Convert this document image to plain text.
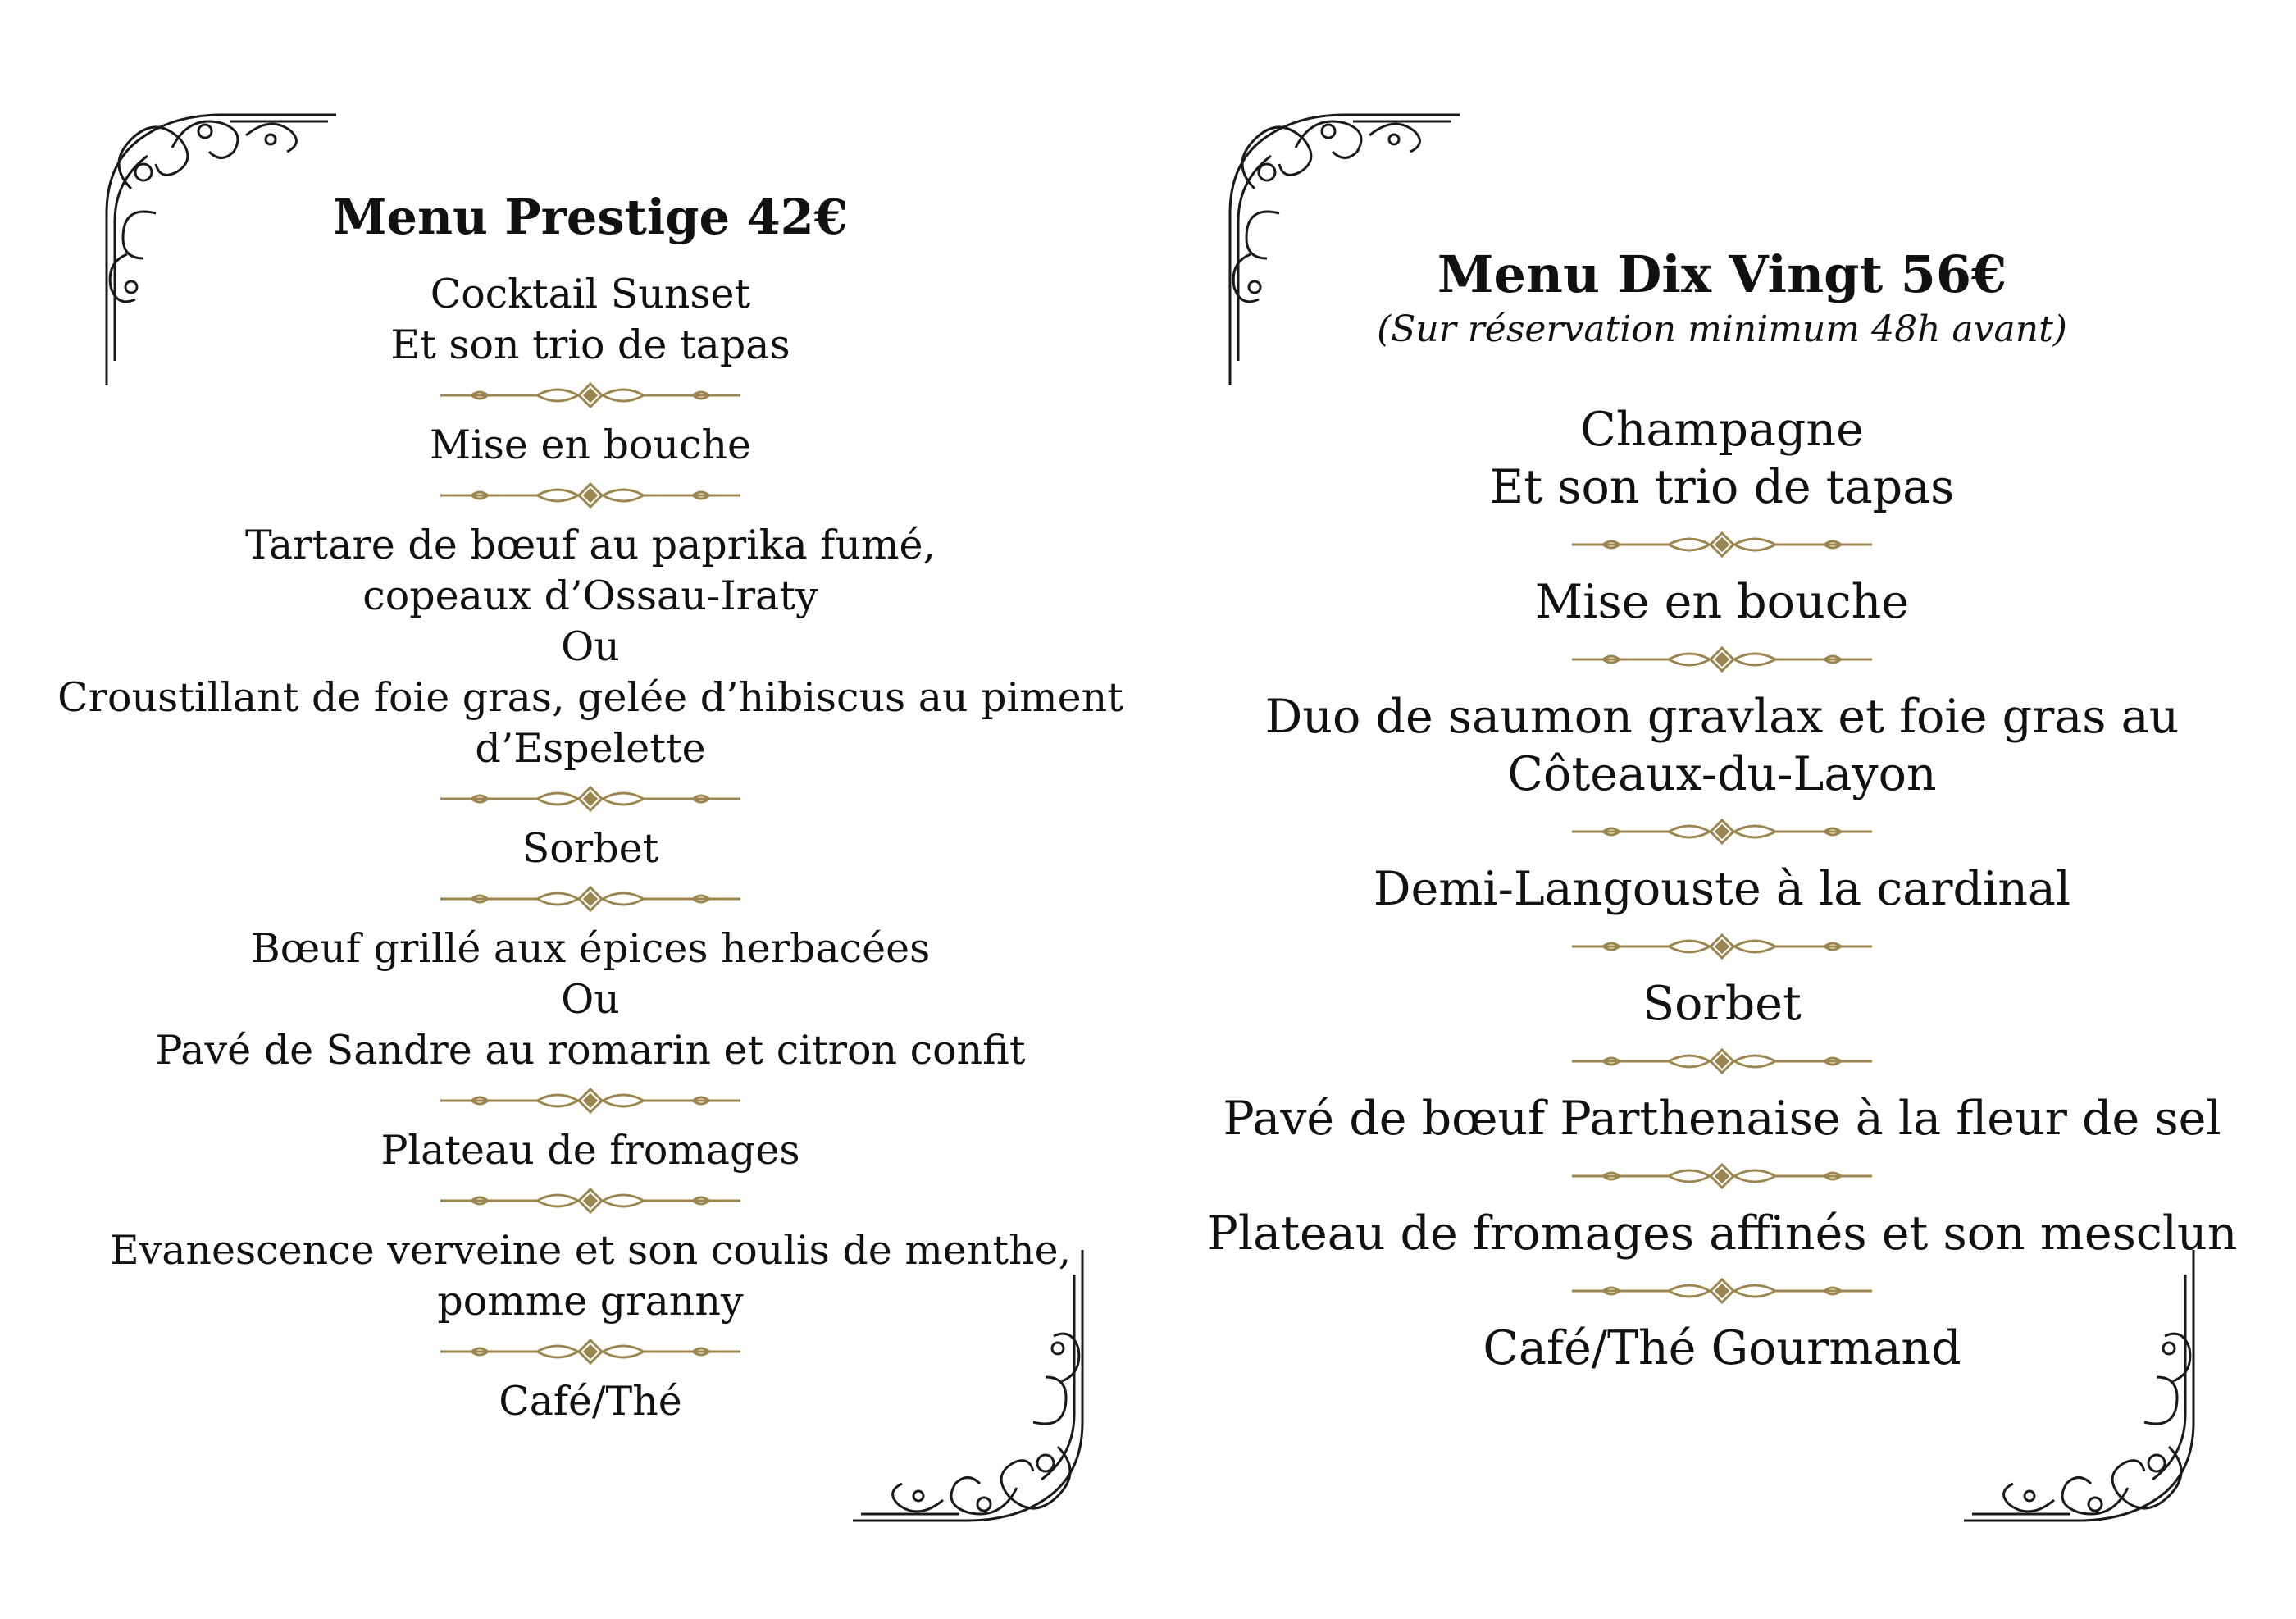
Menu Prestige 42€

Cocktail Sunset
Et son trio de tapas

Mise en bouche

Tartare de bœuf au paprika fumé,
copeaux d’Ossau-Iraty
Ou
Croustillant de foie gras, gelée d’hibiscus au piment
d’Espelette

Sorbet

Bœuf grillé aux épices herbacées
Ou
Pavé de Sandre au romarin et citron confit

Plateau de fromages

Evanescence verveine et son coulis de menthe,
pomme granny

Café/Thé

Menu Dix Vingt 56€

(Sur réservation minimum 48h avant)

Champagne
Et son trio de tapas

Mise en bouche

Duo de saumon gravlax et foie gras au
Côteaux-du-Layon

Demi-Langouste à la cardinal

Sorbet

Pavé de bœuf Parthenaise à la fleur de sel

Plateau de fromages affinés et son mesclun

Café/Thé Gourmand
